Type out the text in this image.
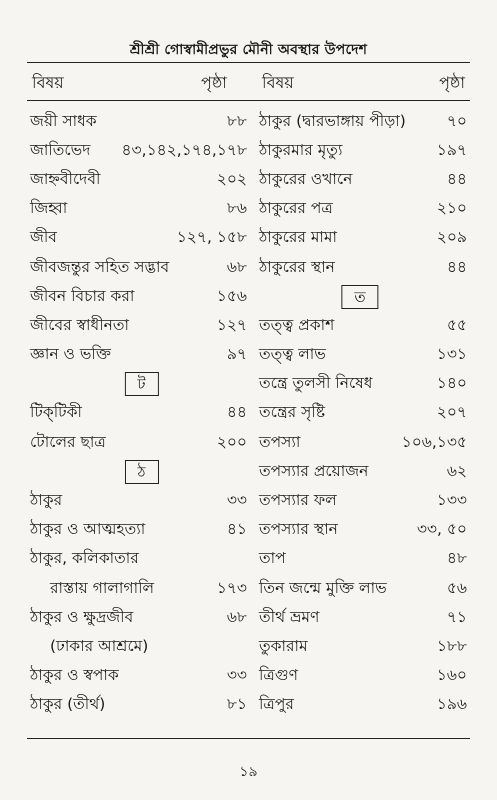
শ্রীশ্রী গোস্বামীপ্রভুর মৌনী অবস্থার উপদেশ
বিষয়	পৃষ্ঠা বিষয়	পৃষ্ঠা
জয়ী সাধক	৮৮ ঠাকুর (দ্বারভাঙ্গায় পীড়া)	৭০
জাতিভেদ ৪৩,১৪২,১৭৪,১৭৮ ঠাকুরমার মৃত্যু	১৯৭
জাহ্নবীদেবী	২০২ ঠাকুরের ওখানে	৪৪
জিহ্বা	৮৬ ঠাকুরের পত্র	২১০
জীব	১২৭, ১৫৮ ঠাকুরের মামা	২০৯
জীবজন্তুর সহিত সদ্ভাব	৬৮ ঠাকুরের স্থান	৪৪
জীবন বিচার করা	১৫৬	ত
জীবের স্বাধীনতা	১২৭ তত্ত্ব প্রকাশ	৫৫
জ্ঞান ও ভক্তি	৯৭ তত্ত্ব লাভ	১৩১
ট	তন্ত্রে তুলসী নিষেধ	১৪০
টিক্‌টিকী	৪৪ তন্ত্রের সৃষ্টি	২০৭
টোলের ছাত্র	২০০ তপস্যা	১০৬,১৩৫
ঠ	তপস্যার প্রয়োজন	৬২
ঠাকুর	৩৩ তপস্যার ফল	১৩৩
ঠাকুর ও আত্মহত্যা	৪১ তপস্যার স্থান	৩৩, ৫০
ঠাকুর, কলিকাতার	তাপ	৪৮
রাস্তায় গালাগালি	১৭৩ তিন জন্মে মুক্তি লাভ	৫৬
ঠাকুর ও ক্ষুদ্রজীব	৬৮ তীর্থ ভ্রমণ	৭১
(ঢাকার আশ্রমে)	তুকারাম	১৮৮
ঠাকুর ও স্বপাক	৩৩ ত্রিগুণ	১৬০
ঠাকুর (তীর্থ)	৮১ ত্রিপুর	১৯৬
১৯
